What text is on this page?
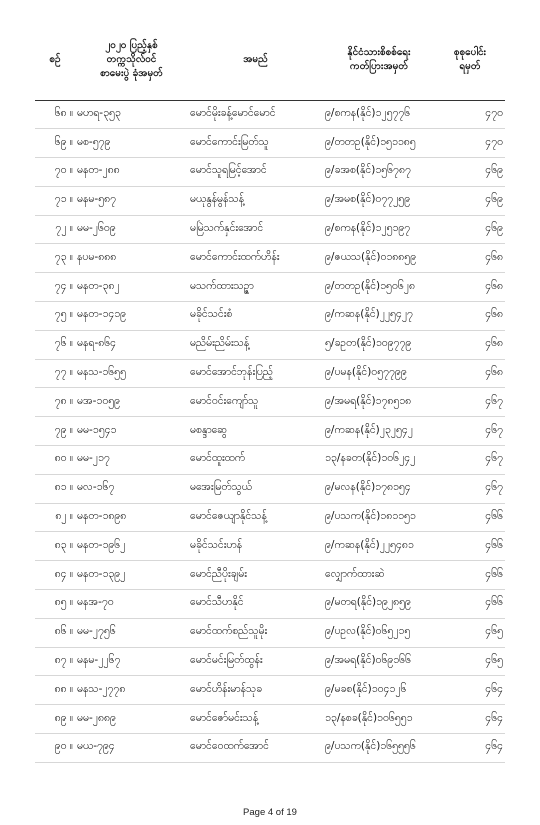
စဉ်	၂၀၂၀ ပြည့်နှစ်
တက္ကသိုလ်ဝင်
စာမေးပွဲ ခုံအမှတ်	အမည်	နိုင်ငံသားစိစစ်ရေး
ကတ်ပြားအမှတ်	စုစုပေါင်း
ရမှတ်
၆၈ ။	မဟရ-၃၅၃	မောင်မိုးခန့်မောင်မောင်	၉/စကန(နိုင်)၁၂၅၇၇၆	၄၇၀
၆၉ ။	မစ-၅၇၉	မောင်ကောင်းမြတ်သူ	၉/တတဥ(နိုင်)၁၅၁၁၈၅	၄၇၀
၇၀ ။	မနတ-၂၈၈	မောင်သူရမြင့်အောင်	၉/ခအစ(နိုင်)၁၅၆၇၈၇	၄၆၉
၇၁ ။	မနမ-၅၈၇	မယုနွန်မွန်သန့်	၉/အမစ(နိုင်)၀၇၇၂၅၉	၄၆၉
၇၂ ။	မမ-၂၆၀၉	မမြဲသက်နှင်းအောင်	၉/စကန(နိုင်)၁၂၅၁၉၇	၄၆၉
၇၃ ။	နပမ-၈၈၈	မောင်ကောင်းထက်ဟိန်း	၉/ဇယသ(နိုင်)၀၁၈၈၅၉	၄၆၈
၇၄ ။	မနတ-၃၈၂	မသက်ထားသဥ္ဇာ	၉/တတဥ(နိုင်)၁၅၀၆၂၈	၄၆၈
၇၅ ။	မနတ-၁၄၁၉	မခိုင်သင်းစံ	၉/ကဆန(နိုင်)၂၂၅၄၂၇	၄၆၈
၇၆ ။	မနရ-၈၆၄	မညိမ်းညိမ်းသန့်	၅/ခဥတ(နိုင်)၁၀၉၇၇၉	၄၆၈
၇၇ ။	မနသ-၁၆၅၅	မောင်အောင်ဘုန်းပြည့်	၉/ပမန(နိုင်)၀၅၇၇၉၉	၄၆၈
၇၈ ။	မအ-၁၀၅၉	မောင်ဝင်းကျော်သူ	၉/အမရ(နိုင်)၁၇၈၅၁၈	၄၆၇
၇၉ ။	မမ-၁၅၄၁	မစန္ဒာဆွေ	၉/ကဆန(နိုင်)၂၃၂၅၄၂	၄၆၇
၈၀ ။	မမ-၂၁၇	မောင်ထူးထက်	၁၃/နခတ(နိုင်)၁၀၆၂၄၂	၄၆၇
၈၁ ။	မလ-၁၆၇	မအေးမြတ်သွယ်	၉/မလန(နိုင်)၁၇၈၁၅၄	၄၆၇
၈၂ ။	မနတ-၁၈၉၈	မောင်ဇေယျာနိုင်သန့်	၉/ပသက(နိုင်)၁၈၁၁၅၁	၄၆၆
၈၃ ။	မနတ-၁၉၆၂	မခိုင်သင်းဟန်	၉/ကဆန(နိုင်)၂၂၅၄၈၁	၄၆၆
၈၄ ။	မနတ-၁၃၉၂	မောင်ညီပိုးချမ်း	လျှောက်ထားဆဲ	၄၆၆
၈၅ ။	မနအ-၇၀	မောင်သီဟနိုင်	၉/မတရ(နိုင်)၁၉၂၈၅၉	၄၆၆
၈၆ ။	မမ-၂၇၅၆	မောင်ထက်စည်သူမိုး	၉/ပဥလ(နိုင်)၀၆၅၂၁၅	၄၆၅
၈၇ ။	မနမ-၂၂၆၇	မောင်မင်းမြတ်ထွန်း	၉/အမရ(နိုင်)၀၆၉၁၆၆	၄၆၅
၈၈ ။	မနသ-၂၇၇၈	မောင်ဟိန်းမာန်သုခ	၉/မခစ(နိုင်)၁၀၄၁၂၆	၄၆၄
၈၉ ။	မမ-၂၈၈၉	မောင်ဇော်မင်းသန့်	၁၃/နစခ(နိုင်)၁၀၆၅၅၁	၄၆၄
၉၀ ။	မယ-၇၉၄	မောင်ဝေထက်အောင်	၉/ပသက(နိုင်)၁၆၅၅၅၆	၄၆၄
Page 4 of 19
